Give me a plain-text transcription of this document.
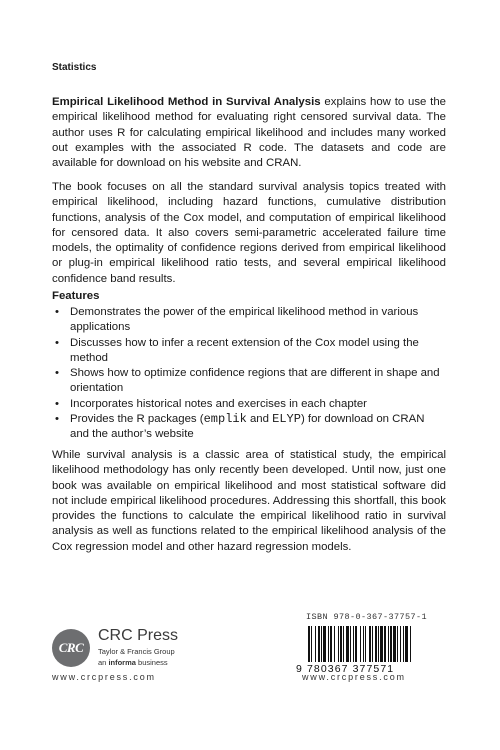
Statistics

Empirical Likelihood Method in Survival Analysis explains how to use the empirical likelihood method for evaluating right censored survival data. The author uses R for calculating empirical likelihood and includes many worked out examples with the associated R code. The datasets and code are available for download on his website and CRAN.

The book focuses on all the standard survival analysis topics treated with empirical likelihood, including hazard functions, cumulative distribution functions, analysis of the Cox model, and computation of empirical likelihood for censored data. It also covers semi-parametric accelerated failure time models, the optimality of confidence regions derived from empirical likelihood or plug-in empirical likelihood ratio tests, and several empirical likelihood confidence band results.

Features
• Demonstrates the power of the empirical likelihood method in various applications
• Discusses how to infer a recent extension of the Cox model using the method
• Shows how to optimize confidence regions that are different in shape and orientation
• Incorporates historical notes and exercises in each chapter
• Provides the R packages (emplik and ELYP) for download on CRAN and the author’s website

While survival analysis is a classic area of statistical study, the empirical likelihood methodology has only recently been developed. Until now, just one book was available on empirical likelihood and most statistical software did not include empirical likelihood procedures. Addressing this shortfall, this book provides the functions to calculate the empirical likelihood ratio in survival analysis as well as functions related to the empirical likelihood analysis of the Cox regression model and other hazard regression models.

CRC
CRC Press
Taylor & Francis Group
an informa business
www.crcpress.com
ISBN 978-0-367-37757-1
9 780367 377571
www.crcpress.com
